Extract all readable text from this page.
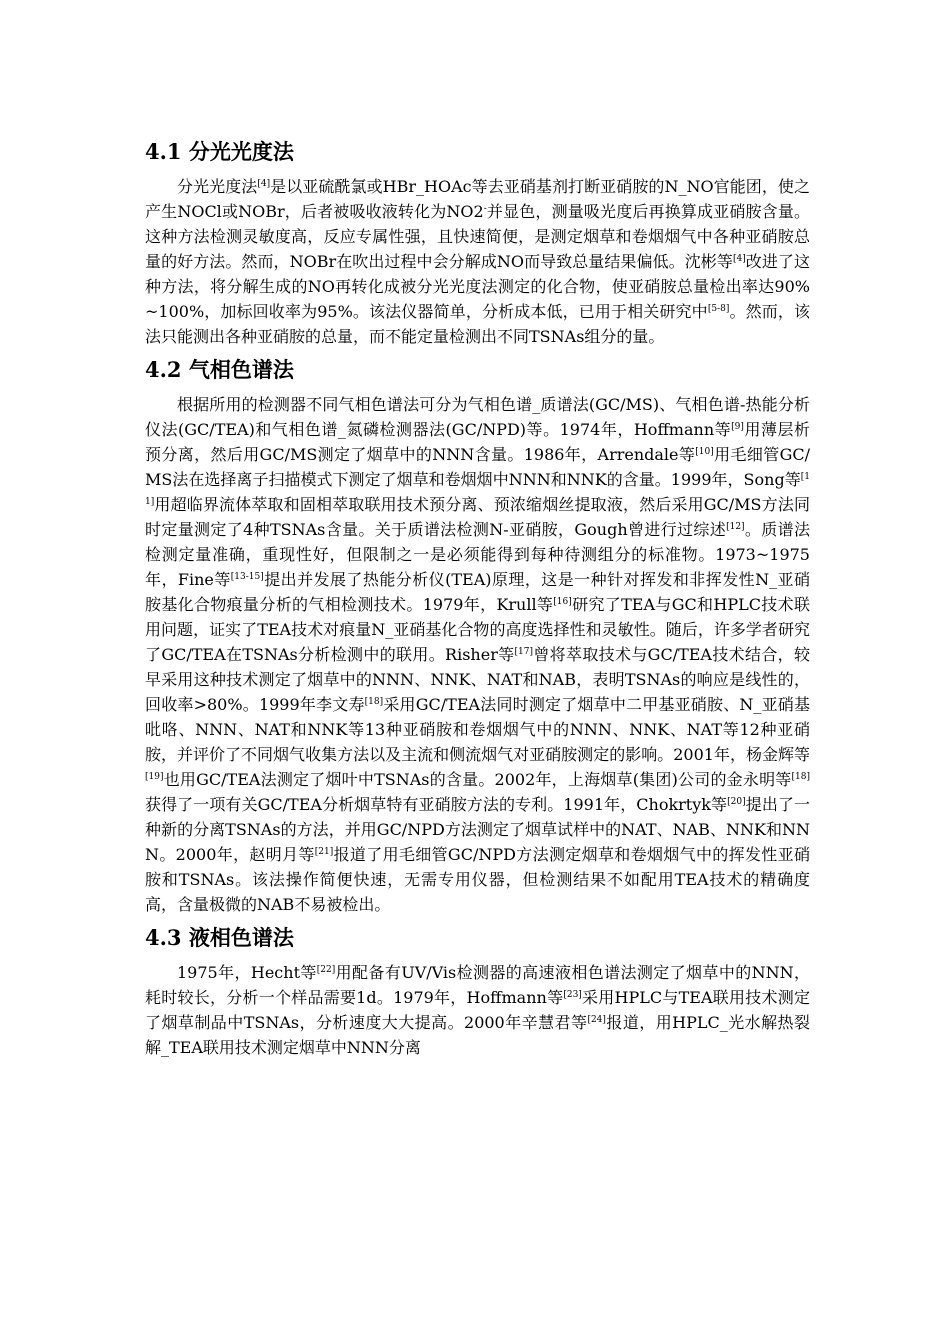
4.1 分光光度法

分光光度法[4]是以亚硫酰氯或HBr_HOAc等去亚硝基剂打断亚硝胺的N_NO官能团，使之产生NOCl或NOBr，后者被吸收液转化为NO2-并显色，测量吸光度后再换算成亚硝胺含量。这种方法检测灵敏度高，反应专属性强，且快速简便，是测定烟草和卷烟烟气中各种亚硝胺总量的好方法。然而，NOBr在吹出过程中会分解成NO而导致总量结果偏低。沈彬等[4]改进了这种方法，将分解生成的NO再转化成被分光光度法测定的化合物，使亚硝胺总量检出率达90%~100%，加标回收率为95%。该法仪器简单，分析成本低，已用于相关研究中[5-8]。然而，该法只能测出各种亚硝胺的总量，而不能定量检测出不同TSNAs组分的量。

4.2 气相色谱法

根据所用的检测器不同气相色谱法可分为气相色谱_质谱法(GC/MS)、气相色谱-热能分析仪法(GC/TEA)和气相色谱_氮磷检测器法(GC/NPD)等。1974年，Hoffmann等[9]用薄层析预分离，然后用GC/MS测定了烟草中的NNN含量。1986年，Arrendale等[10]用毛细管GC/MS法在选择离子扫描模式下测定了烟草和卷烟烟中NNN和NNK的含量。1999年，Song等[11]用超临界流体萃取和固相萃取联用技术预分离、预浓缩烟丝提取液，然后采用GC/MS方法同时定量测定了4种TSNAs含量。关于质谱法检测N-亚硝胺，Gough曾进行过综述[12]。质谱法检测定量准确，重现性好，但限制之一是必须能得到每种待测组分的标准物。1973~1975年，Fine等[13-15]提出并发展了热能分析仪(TEA)原理，这是一种针对挥发和非挥发性N_亚硝胺基化合物痕量分析的气相检测技术。1979年，Krull等[16]研究了TEA与GC和HPLC技术联用问题，证实了TEA技术对痕量N_亚硝基化合物的高度选择性和灵敏性。随后，许多学者研究了GC/TEA在TSNAs分析检测中的联用。Risher等[17]曾将萃取技术与GC/TEA技术结合，较早采用这种技术测定了烟草中的NNN、NNK、NAT和NAB，表明TSNAs的响应是线性的，回收率>80%。1999年李文寿[18]采用GC/TEA法同时测定了烟草中二甲基亚硝胺、N_亚硝基吡咯、NNN、NAT和NNK等13种亚硝胺和卷烟烟气中的NNN、NNK、NAT等12种亚硝胺，并评价了不同烟气收集方法以及主流和侧流烟气对亚硝胺测定的影响。2001年，杨金辉等[19]也用GC/TEA法测定了烟叶中TSNAs的含量。2002年，上海烟草(集团)公司的金永明等[18]获得了一项有关GC/TEA分析烟草特有亚硝胺方法的专利。1991年，Chokrtyk等[20]提出了一种新的分离TSNAs的方法，并用GC/NPD方法测定了烟草试样中的NAT、NAB、NNK和NNN。2000年，赵明月等[21]报道了用毛细管GC/NPD方法测定烟草和卷烟烟气中的挥发性亚硝胺和TSNAs。该法操作简便快速，无需专用仪器，但检测结果不如配用TEA技术的精确度高，含量极微的NAB不易被检出。

4.3 液相色谱法

1975年，Hecht等[22]用配备有UV/Vis检测器的高速液相色谱法测定了烟草中的NNN，耗时较长，分析一个样品需要1d。1979年，Hoffmann等[23]采用HPLC与TEA联用技术测定了烟草制品中TSNAs，分析速度大大提高。2000年辛慧君等[24]报道，用HPLC_光水解热裂解_TEA联用技术测定烟草中NNN分离
